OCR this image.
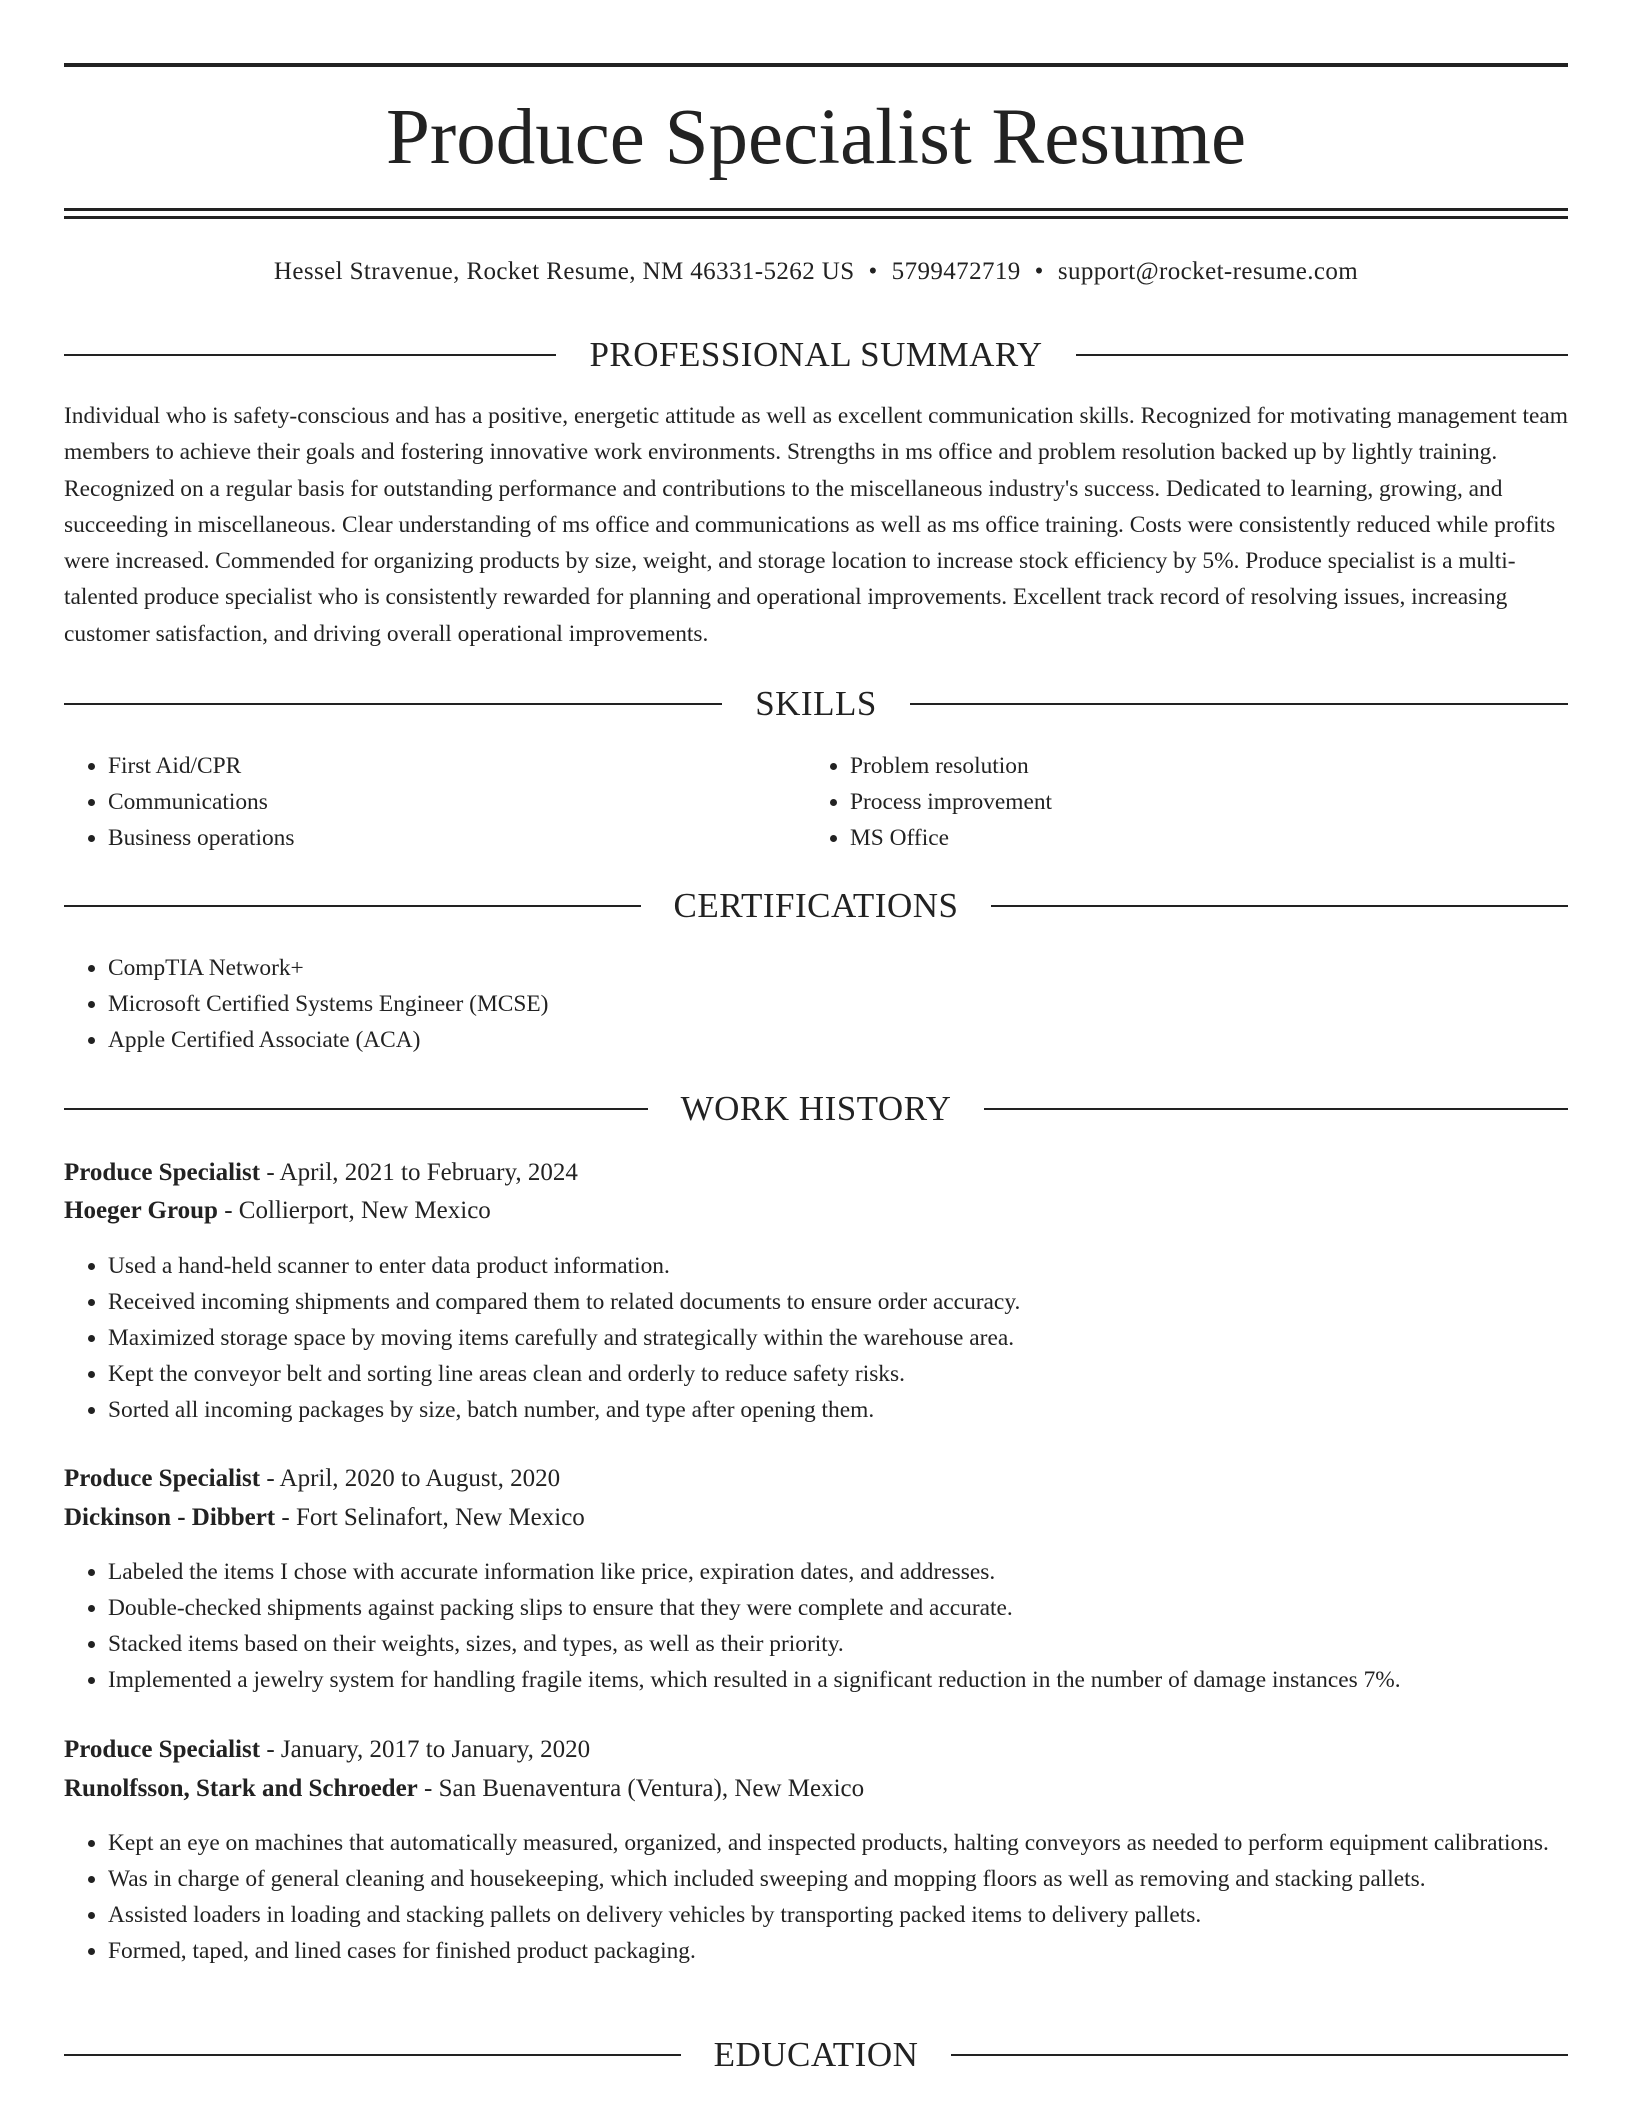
Produce Specialist Resume
Hessel Stravenue, Rocket Resume, NM 46331-5262 US • 5799472719 • support@rocket-resume.com
PROFESSIONAL SUMMARY

Individual who is safety-conscious and has a positive, energetic attitude as well as excellent communication skills. Recognized for motivating management team members to achieve their goals and fostering innovative work environments. Strengths in ms office and problem resolution backed up by lightly training. Recognized on a regular basis for outstanding performance and contributions to the miscellaneous industry's success. Dedicated to learning, growing, and succeeding in miscellaneous. Clear understanding of ms office and communications as well as ms office training. Costs were consistently reduced while profits were increased. Commended for organizing products by size, weight, and storage location to increase stock efficiency by 5%. Produce specialist is a multi-talented produce specialist who is consistently rewarded for planning and operational improvements. Excellent track record of resolving issues, increasing customer satisfaction, and driving overall operational improvements.

SKILLS
• First Aid/CPR
• Communications
• Business operations
• Problem resolution
• Process improvement
• MS Office
CERTIFICATIONS
• CompTIA Network+
• Microsoft Certified Systems Engineer (MCSE)
• Apple Certified Associate (ACA)
WORK HISTORY
Produce Specialist - April, 2021 to February, 2024
Hoeger Group - Collierport, New Mexico
• Used a hand-held scanner to enter data product information.
• Received incoming shipments and compared them to related documents to ensure order accuracy.
• Maximized storage space by moving items carefully and strategically within the warehouse area.
• Kept the conveyor belt and sorting line areas clean and orderly to reduce safety risks.
• Sorted all incoming packages by size, batch number, and type after opening them.
Produce Specialist - April, 2020 to August, 2020
Dickinson - Dibbert - Fort Selinafort, New Mexico
• Labeled the items I chose with accurate information like price, expiration dates, and addresses.
• Double-checked shipments against packing slips to ensure that they were complete and accurate.
• Stacked items based on their weights, sizes, and types, as well as their priority.
• Implemented a jewelry system for handling fragile items, which resulted in a significant reduction in the number of damage instances 7%.
Produce Specialist - January, 2017 to January, 2020
Runolfsson, Stark and Schroeder - San Buenaventura (Ventura), New Mexico
• Kept an eye on machines that automatically measured, organized, and inspected products, halting conveyors as needed to perform equipment calibrations.
• Was in charge of general cleaning and housekeeping, which included sweeping and mopping floors as well as removing and stacking pallets.
• Assisted loaders in loading and stacking pallets on delivery vehicles by transporting packed items to delivery pallets.
• Formed, taped, and lined cases for finished product packaging.
EDUCATION
